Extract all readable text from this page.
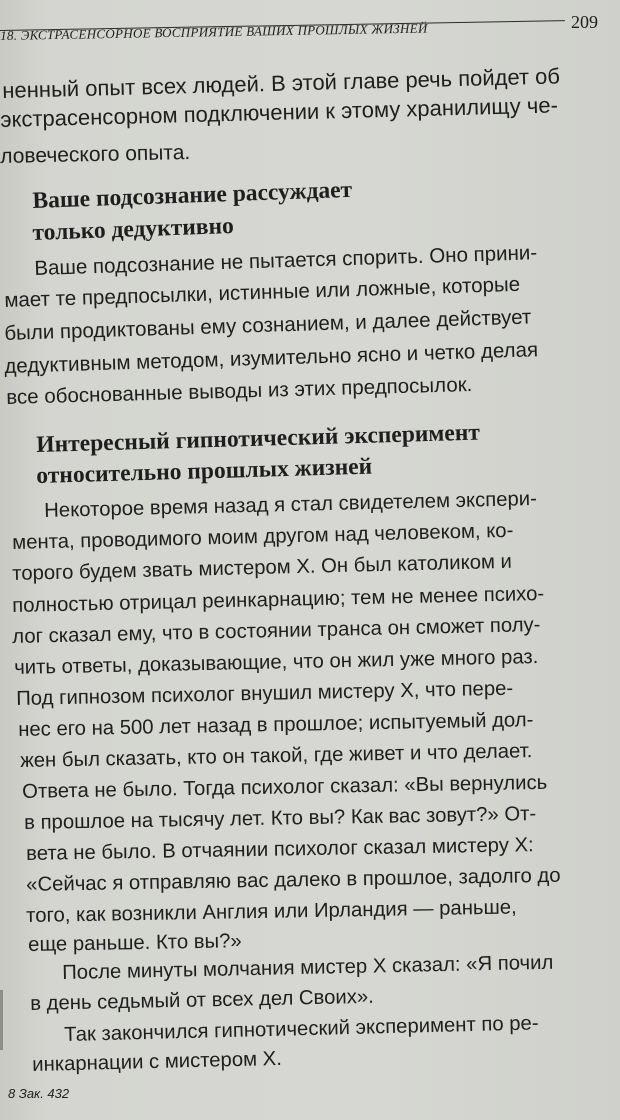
18. ЭКСТРАСЕНСОРНОЕ ВОСПРИЯТИЕ ВАШИХ ПРОШЛЫХ ЖИЗНЕЙ	209
ненный опыт всех людей. В этой главе речь пойдет об
экстрасенсорном подключении к этому хранилищу че-
ловеческого опыта.
Ваше подсознание рассуждает
только дедуктивно
Ваше подсознание не пытается спорить. Оно прини-
мает те предпосылки, истинные или ложные, которые
были продиктованы ему сознанием, и далее действует
дедуктивным методом, изумительно ясно и четко делая
все обоснованные выводы из этих предпосылок.
Интересный гипнотический эксперимент
относительно прошлых жизней
Некоторое время назад я стал свидетелем экспери-
мента, проводимого моим другом над человеком, ко-
торого будем звать мистером X. Он был католиком и
полностью отрицал реинкарнацию; тем не менее психо-
лог сказал ему, что в состоянии транса он сможет полу-
чить ответы, доказывающие, что он жил уже много раз.
Под гипнозом психолог внушил мистеру X, что пере-
нес его на 500 лет назад в прошлое; испытуемый дол-
жен был сказать, кто он такой, где живет и что делает.
Ответа не было. Тогда психолог сказал: «Вы вернулись
в прошлое на тысячу лет. Кто вы? Как вас зовут?» От-
вета не было. В отчаянии психолог сказал мистеру X:
«Сейчас я отправляю вас далеко в прошлое, задолго до
того, как возникли Англия или Ирландия — раньше,
еще раньше. Кто вы?»
После минуты молчания мистер X сказал: «Я почил
в день седьмый от всех дел Своих».
Так закончился гипнотический эксперимент по ре-
инкарнации с мистером X.
8 Зак. 432
